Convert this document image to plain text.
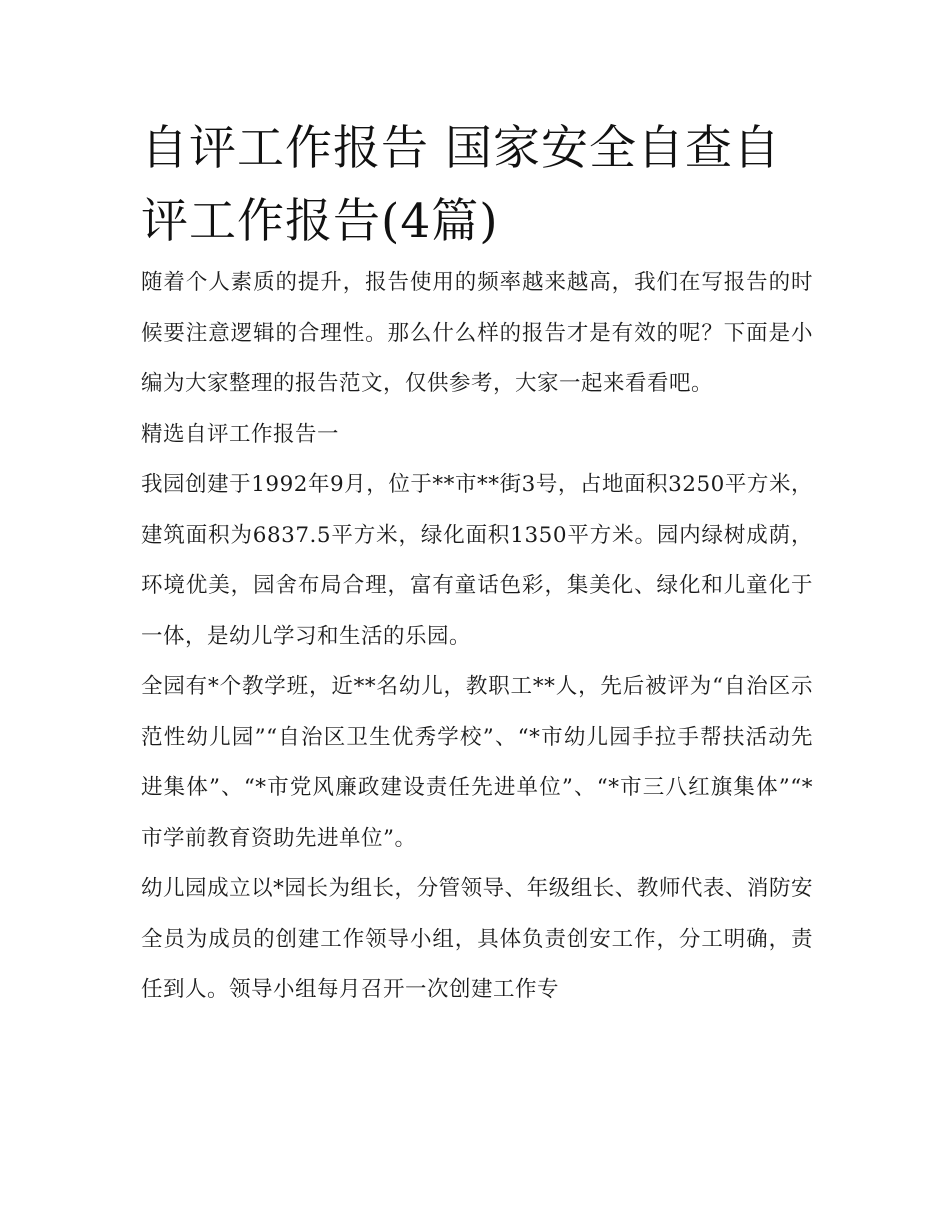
自评工作报告 国家安全自查自评工作报告(4篇)

随着个人素质的提升，报告使用的频率越来越高，我们在写报告的时候要注意逻辑的合理性。那么什么样的报告才是有效的呢？下面是小编为大家整理的报告范文，仅供参考，大家一起来看看吧。

精选自评工作报告一

我园创建于1992年9月，位于**市**街3号，占地面积3250平方米，建筑面积为6837.5平方米，绿化面积1350平方米。园内绿树成荫，环境优美，园舍布局合理，富有童话色彩，集美化、绿化和儿童化于一体，是幼儿学习和生活的乐园。

全园有*个教学班，近**名幼儿，教职工**人，先后被评为“自治区示范性幼儿园”“自治区卫生优秀学校”、“*市幼儿园手拉手帮扶活动先进集体”、“*市党风廉政建设责任先进单位”、“*市三八红旗集体”“*市学前教育资助先进单位”。

幼儿园成立以*园长为组长，分管领导、年级组长、教师代表、消防安全员为成员的创建工作领导小组，具体负责创安工作，分工明确，责任到人。领导小组每月召开一次创建工作专
